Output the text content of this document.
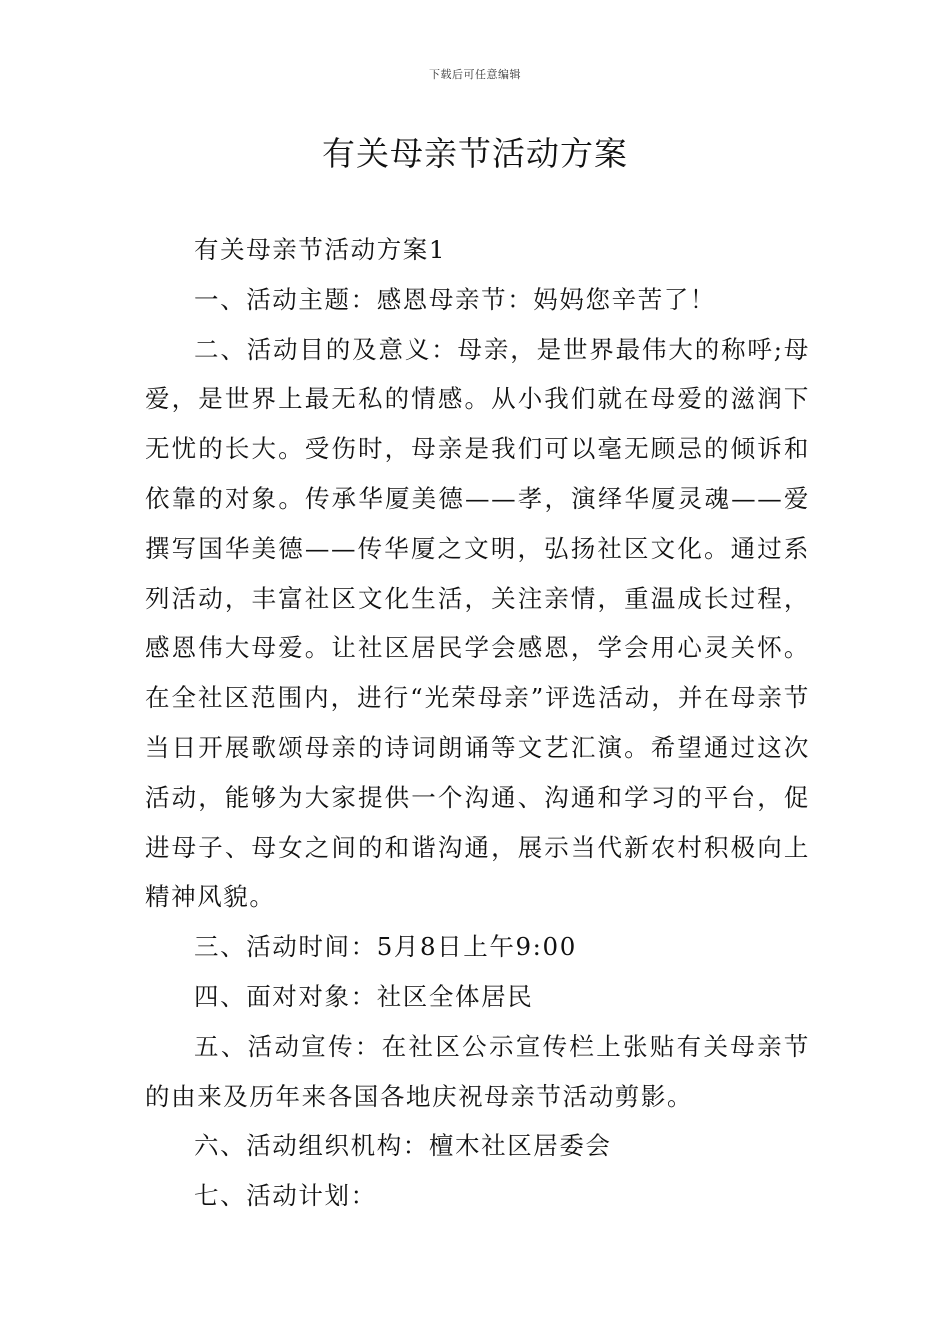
下载后可任意编辑
有关母亲节活动方案

有关母亲节活动方案1

一、活动主题：感恩母亲节：妈妈您辛苦了！

二、活动目的及意义：母亲，是世界最伟大的称呼;母爱，是世界上最无私的情感。从小我们就在母爱的滋润下无忧的长大。受伤时，母亲是我们可以毫无顾忌的倾诉和依靠的对象。传承华厦美德——孝，演绎华厦灵魂——爱撰写国华美德——传华厦之文明，弘扬社区文化。通过系列活动，丰富社区文化生活，关注亲情，重温成长过程，感恩伟大母爱。让社区居民学会感恩，学会用心灵关怀。在全社区范围内，进行“光荣母亲”评选活动，并在母亲节当日开展歌颂母亲的诗词朗诵等文艺汇演。希望通过这次活动，能够为大家提供一个沟通、沟通和学习的平台，促进母子、母女之间的和谐沟通，展示当代新农村积极向上精神风貌。

三、活动时间：5月8日上午9:00

四、面对对象：社区全体居民

五、活动宣传：在社区公示宣传栏上张贴有关母亲节的由来及历年来各国各地庆祝母亲节活动剪影。

六、活动组织机构：檀木社区居委会

七、活动计划：
